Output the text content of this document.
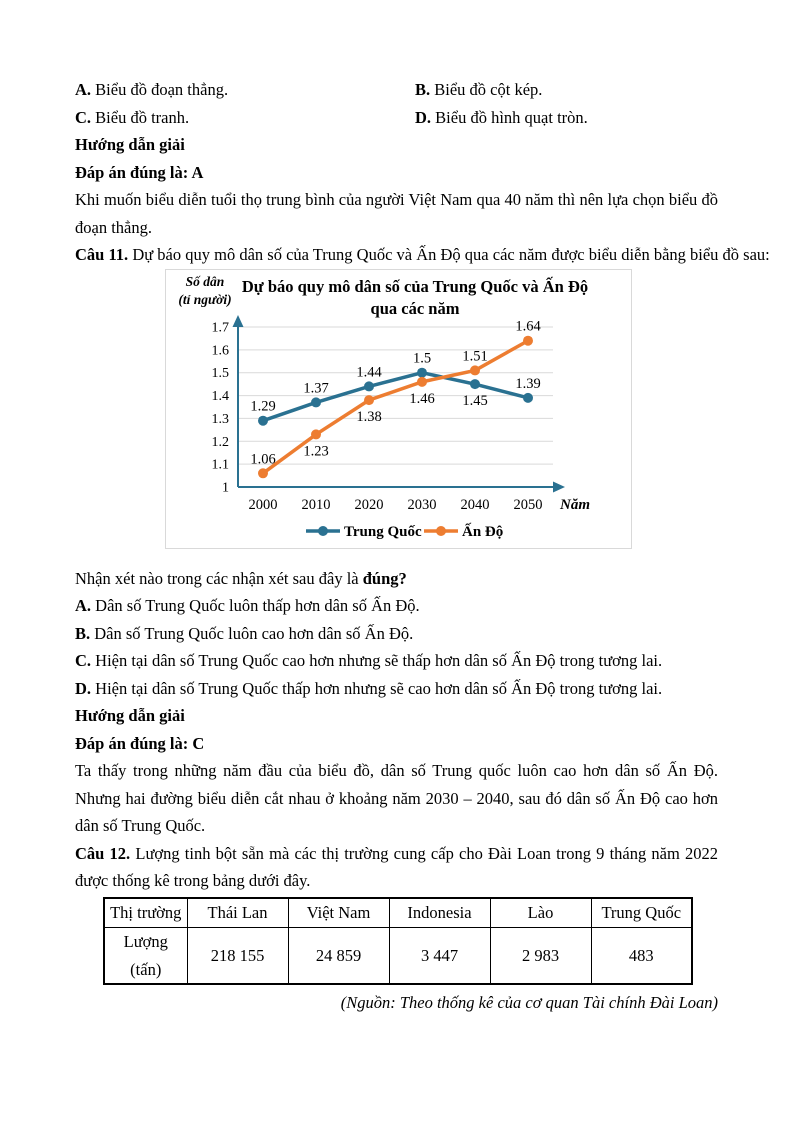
A. Biểu đồ đoạn thẳng.	B. Biểu đồ cột kép.
C. Biểu đồ tranh.	D. Biểu đồ hình quạt tròn.
Hướng dẫn giải
Đáp án đúng là: A

Khi muốn biểu diễn tuổi thọ trung bình của người Việt Nam qua 40 năm thì nên lựa chọn biểu đồ đoạn thẳng.

Câu 11. Dự báo quy mô dân số của Trung Quốc và Ấn Độ qua các năm được biểu diễn bằng biểu đồ sau:
1
1.1
1.2
1.3
1.4
1.5
1.6
1.7
1.29
1.37
1.44
1.5
1.45
1.39
1.06 1.23
1.38
1.46
1.51
1.64
2000 2010 2020 2030 2040 2050 Năm
Số dân
(tỉ người)
Dự báo quy mô dân số của Trung Quốc và Ấn Độ
qua các năm
Trung Quốc	Ấn Độ
Nhận xét nào trong các nhận xét sau đây là đúng?
A. Dân số Trung Quốc luôn thấp hơn dân số Ấn Độ.
B. Dân số Trung Quốc luôn cao hơn dân số Ấn Độ.
C. Hiện tại dân số Trung Quốc cao hơn nhưng sẽ thấp hơn dân số Ấn Độ trong tương lai.
D. Hiện tại dân số Trung Quốc thấp hơn nhưng sẽ cao hơn dân số Ấn Độ trong tương lai.
Hướng dẫn giải
Đáp án đúng là: C

Ta thấy trong những năm đầu của biểu đồ, dân số Trung quốc luôn cao hơn dân số Ấn Độ. Nhưng hai đường biểu diễn cắt nhau ở khoảng năm 2030 – 2040, sau đó dân số Ấn Độ cao hơn dân số Trung Quốc.

Câu 12. Lượng tinh bột sẵn mà các thị trường cung cấp cho Đài Loan trong 9 tháng năm 2022 được thống kê trong bảng dưới đây.

Thị trường	Thái Lan	Việt Nam	Indonesia	Lào	Trung Quốc
Lượng (tấn)	218 155	24 859	3 447	2 983	483

(Nguồn: Theo thống kê của cơ quan Tài chính Đài Loan)
